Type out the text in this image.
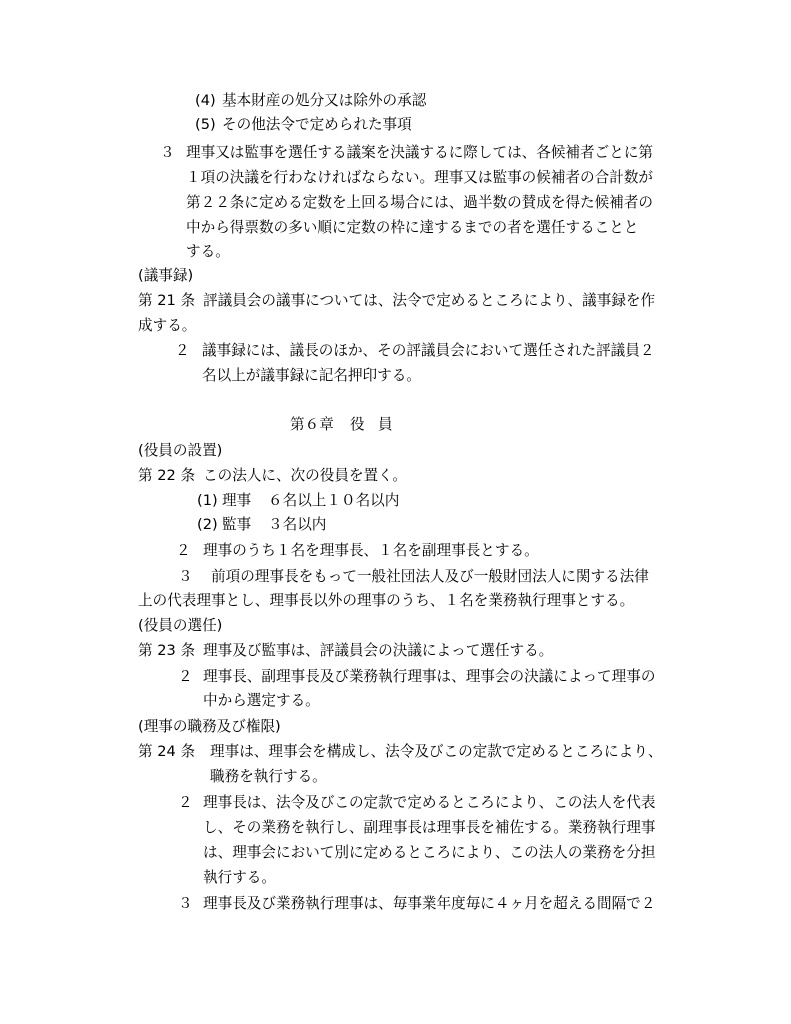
(4) 基本財産の処分又は除外の承認
(5) その他法令で定められた事項
３ 理事又は監事を選任する議案を決議するに際しては、各候補者ごとに第
１項の決議を行わなければならない。理事又は監事の候補者の合計数が
第２２条に定める定数を上回る場合には、過半数の賛成を得た候補者の
中から得票数の多い順に定数の枠に達するまでの者を選任することと
する。
(議事録)
第 21 条 評議員会の議事については、法令で定めるところにより、議事録を作
成する。
２ 議事録には、議長のほか、その評議員会において選任された評議員２
名以上が議事録に記名押印する。
第６章 役 員
(役員の設置)
第 22 条 この法人に、次の役員を置く。
(1) 理事 ６名以上１０名以内
(2) 監事 ３名以内
２ 理事のうち１名を理事長、１名を副理事長とする。
３ 前項の理事長をもって一般社団法人及び一般財団法人に関する法律
上の代表理事とし、理事長以外の理事のうち、１名を業務執行理事とする。
(役員の選任)
第 23 条 理事及び監事は、評議員会の決議によって選任する。
２ 理事長、副理事長及び業務執行理事は、理事会の決議によって理事の
中から選定する。
(理事の職務及び権限)
第 24 条 理事は、理事会を構成し、法令及びこの定款で定めるところにより、
職務を執行する。
２ 理事長は、法令及びこの定款で定めるところにより、この法人を代表
し、その業務を執行し、副理事長は理事長を補佐する。業務執行理事
は、理事会において別に定めるところにより、この法人の業務を分担
執行する。
３ 理事長及び業務執行理事は、毎事業年度毎に４ヶ月を超える間隔で２
